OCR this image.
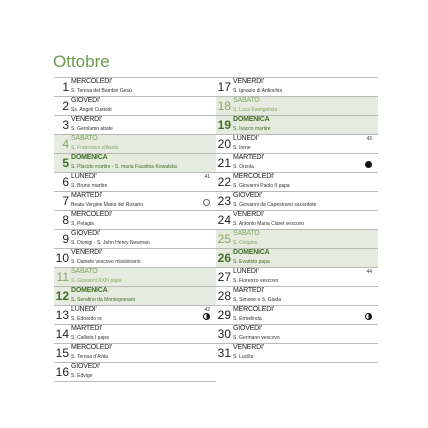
Ottobre
1 MERCOLEDI'
S. Teresa del Bambin Gesù
2 GIOVEDI'
Ss. Angeli Custodi
3 VENERDI'
S. Gerolamo abate
4 SABATO
S. Francesco d'Assisi
5 DOMENICA
S. Placido martire - S. maria Faustina Kowalska
6 LUNEDI'
S. Bruno martire
41
7 MARTEDI'
Beata Vergine Maria del Rosario
8 MERCOLEDI'
S. Pelagia
9 GIOVEDI'
S. Dionigi - S. John Henry Newman
10 VENERDI'
S. Daniele vescovo missionario
11 SABATO
S. Giovanni XXIII papa
12 DOMENICA
S. Serafino da Montegranaro
13 LUNEDI'
S. Edoardo re
42
14 MARTEDI'
S. Callisto I papa
15 MERCOLEDI'
S. Teresa d'Avila
16 GIOVEDI'
S. Edvige
17 VENERDI'
S. Ignazio di Antiochia
18 SABATO
S. Luca Evangelista
19 DOMENICA
S. Isacco martire
20 LUNEDI'
S. Irene
43
21 MARTEDI'
S. Orsola
22 MERCOLEDI'
S. Giovanni Paolo II papa
23 GIOVEDI'
S. Giovanni da Capestrano sacerdote
24 VENERDI'
S. Antonio Maria Claret vescovo
25 SABATO
S. Crispino
26 DOMENICA
S. Evaristo papa
27 LUNEDI'
S. Fiorenzo vescovo
44
28 MARTEDI'
S. Simone e S. Giuda
29 MERCOLEDI'
S. Ermelinda
30 GIOVEDI'
S. Germano vescovo
31 VENERDI'
S. Lucilla
